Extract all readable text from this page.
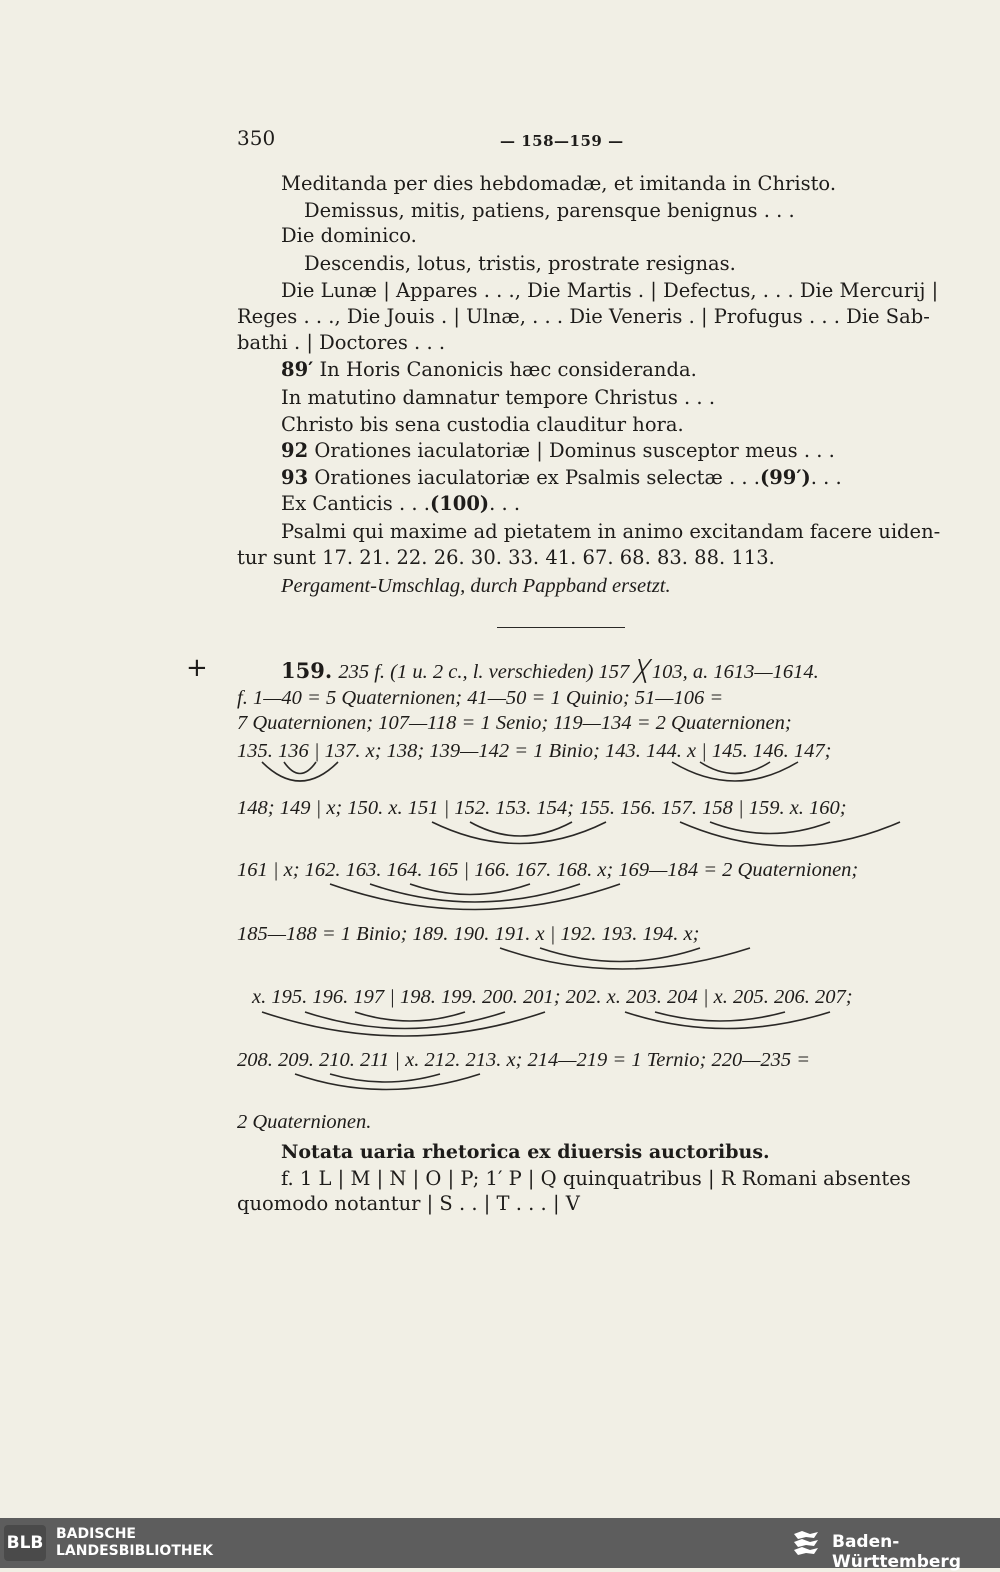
350	— 158—159 —
Meditanda per dies hebdomadæ, et imitanda in Christo.
Demissus, mitis, patiens, parensque benignus . . .
Die dominico.
Descendis, lotus, tristis, prostrate resignas.
Die Lunæ | Appares . . ., Die Martis . | Defectus, . . . Die Mercurij |
Reges . . ., Die Jouis . | Ulnæ, . . . Die Veneris . | Profugus . . . Die Sab-
bathi . | Doctores . . .
89′ In Horis Canonicis hæc consideranda.
In matutino damnatur tempore Christus . . .
Christo bis sena custodia clauditur hora.
92 Orationes iaculatoriæ | Dominus susceptor meus . . .
93 Orationes iaculatoriæ ex Psalmis selectæ . . .(99′). . .
Ex Canticis . . .(100). . .
Psalmi qui maxime ad pietatem in animo excitandam facere uiden-
tur sunt 17. 21. 22. 26. 30. 33. 41. 67. 68. 83. 88. 113.
Pergament-Umschlag, durch Pappband ersetzt.
+	159. 235 f. (1 u. 2 c., l. verschieden) 157 ╳ 103, a. 1613—1614.
f. 1—40 = 5 Quaternionen; 41—50 = 1 Quinio; 51—106 =
7 Quaternionen; 107—118 = 1 Senio; 119—134 = 2 Quaternionen;
135. 136 | 137. x; 138; 139—142 = 1 Binio; 143. 144. x | 145. 146. 147;
148; 149 | x; 150. x. 151 | 152. 153. 154; 155. 156. 157. 158 | 159. x. 160;
161 | x; 162. 163. 164. 165 | 166. 167. 168. x; 169—184 = 2 Quaternionen;
185—188 = 1 Binio; 189. 190. 191. x | 192. 193. 194. x;
x. 195. 196. 197 | 198. 199. 200. 201; 202. x. 203. 204 | x. 205. 206. 207;
208. 209. 210. 211 | x. 212. 213. x; 214—219 = 1 Ternio; 220—235 =
2 Quaternionen.
Notata uaria rhetorica ex diuersis auctoribus.
f. 1 L | M | N | O | P; 1′ P | Q quinquatribus | R Romani absentes
quomodo notantur | S . . | T . . . | V
BLB BADISCHE
LANDESBIBLIOTHEK	Baden-Württemberg
